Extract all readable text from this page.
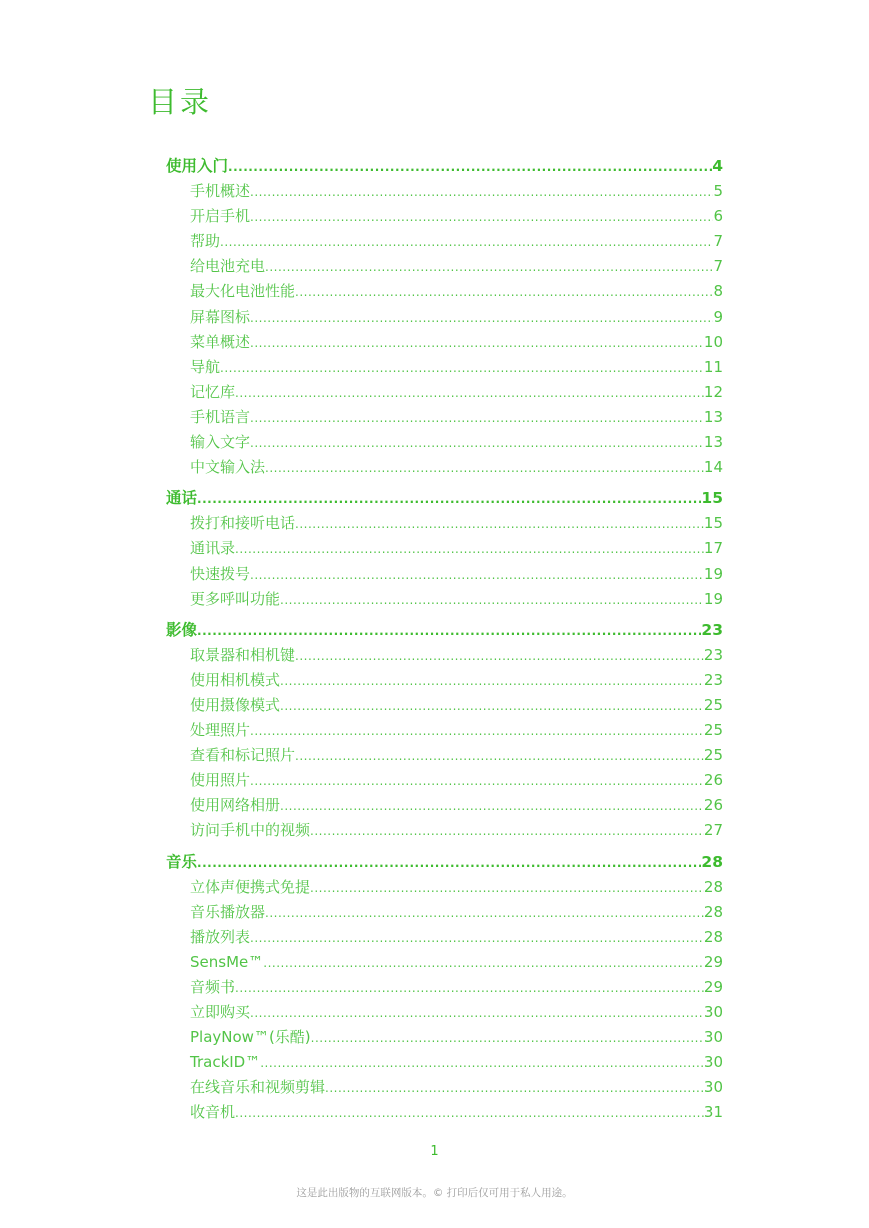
目录
使用入门 .....	4
手机概述 .....	5
开启手机 .....	6
帮助 .....	7
给电池充电 .....	7
最大化电池性能 .....	8
屏幕图标 .....	9
菜单概述 .....	10
导航 .....	11
记忆库 .....	12
手机语言 .....	13
输入文字 .....	13
中文输入法 .....	14
通话 .....	15
拨打和接听电话 .....	15
通讯录 .....	17
快速拨号 .....	19
更多呼叫功能 .....	19
影像 .....	23
取景器和相机键 .....	23
使用相机模式 .....	23
使用摄像模式 .....	25
处理照片 .....	25
查看和标记照片 .....	25
使用照片 .....	26
使用网络相册 .....	26
访问手机中的视频 .....	27
音乐 .....	28
立体声便携式免提 .....	28
音乐播放器 .....	28
播放列表 .....	28
SensMe™ .....	29
音频书 .....	29
立即购买 .....	30
PlayNow™(乐酷) .....	30
TrackID™ .....	30
在线音乐和视频剪辑 .....	30
收音机 .....	31
1
这是此出版物的互联网版本。© 打印后仅可用于私人用途。
